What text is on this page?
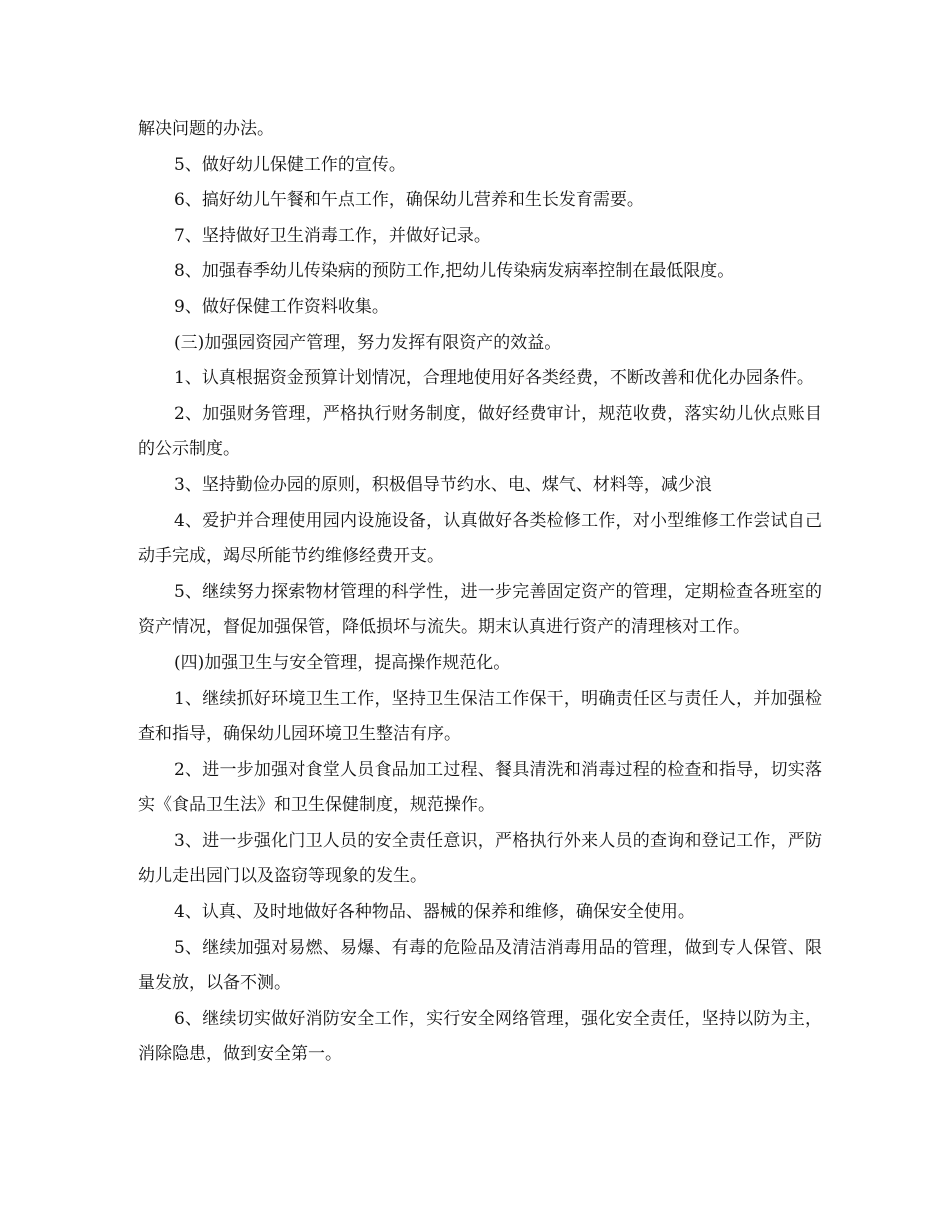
解决问题的办法。

5、做好幼儿保健工作的宣传。

6、搞好幼儿午餐和午点工作，确保幼儿营养和生长发育需要。

7、坚持做好卫生消毒工作，并做好记录。

8、加强春季幼儿传染病的预防工作,把幼儿传染病发病率控制在最低限度。

9、做好保健工作资料收集。

(三)加强园资园产管理，努力发挥有限资产的效益。

1、认真根据资金预算计划情况，合理地使用好各类经费，不断改善和优化办园条件。

2、加强财务管理，严格执行财务制度，做好经费审计，规范收费，落实幼儿伙点账目的公示制度。

3、坚持勤俭办园的原则，积极倡导节约水、电、煤气、材料等，减少浪

4、爱护并合理使用园内设施设备，认真做好各类检修工作，对小型维修工作尝试自己动手完成，竭尽所能节约维修经费开支。

5、继续努力探索物材管理的科学性，进一步完善固定资产的管理，定期检查各班室的资产情况，督促加强保管，降低损坏与流失。期末认真进行资产的清理核对工作。

(四)加强卫生与安全管理，提高操作规范化。

1、继续抓好环境卫生工作，坚持卫生保洁工作保干，明确责任区与责任人，并加强检查和指导，确保幼儿园环境卫生整洁有序。

2、进一步加强对食堂人员食品加工过程、餐具清洗和消毒过程的检查和指导，切实落实《食品卫生法》和卫生保健制度，规范操作。

3、进一步强化门卫人员的安全责任意识，严格执行外来人员的查询和登记工作，严防幼儿走出园门以及盗窃等现象的发生。

4、认真、及时地做好各种物品、器械的保养和维修，确保安全使用。

5、继续加强对易燃、易爆、有毒的危险品及清洁消毒用品的管理，做到专人保管、限量发放，以备不测。

6、继续切实做好消防安全工作，实行安全网络管理，强化安全责任，坚持以防为主，消除隐患，做到安全第一。
